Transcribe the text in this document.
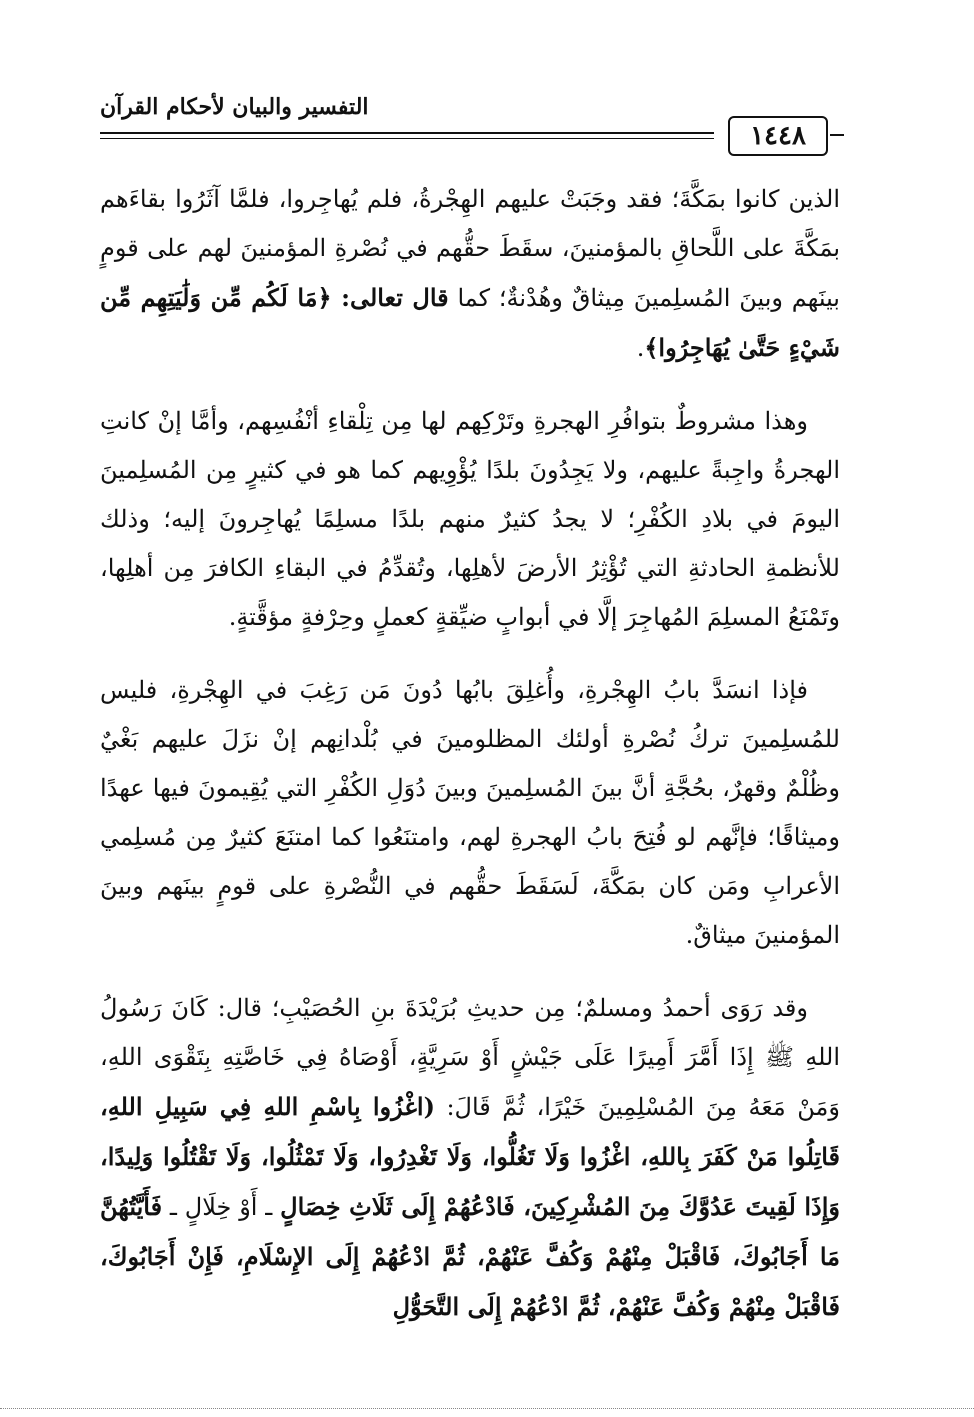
التفسير والبيان لأحكام القرآن
١٤٤٨

الذين كانوا بمَكَّةَ؛ فقد وجَبَتْ عليهم الهِجْرةُ، فلم يُهاجِروا، فلمَّا آثَرُوا بقاءَهم بمَكَّةَ على اللَّحاقِ بالمؤمنينَ، سقَطَ حقُّهم في نُصْرةِ المؤمنينَ لهم على قومٍ بينَهم وبينَ المُسلِمينَ مِيثاقٌ وهُدْنةٌ؛ كما قال تعالى: ﴿مَا لَكُم مِّن وَلَٰيَتِهِم مِّن شَيْءٍ حَتَّىٰ يُهَاجِرُوا﴾.

وهذا مشروطٌ بتوافُرِ الهجرةِ وتَرْكِهم لها مِن تِلْقاءِ أنْفُسِهم، وأمَّا إنْ كانتِ الهجرةُ واجِبةً عليهم، ولا يَجِدُونَ بلدًا يُؤْوِيهم كما هو في كثيرٍ مِن المُسلِمينَ اليومَ في بلادِ الكُفْرِ؛ لا يجدُ كثيرٌ منهم بلدًا مسلِمًا يُهاجِرونَ إليه؛ وذلك للأنظمةِ الحادثةِ التي تُؤْثِرُ الأرضَ لأهلِها، وتُقدِّمُ في البقاءِ الكافرَ مِن أهلِها، وتَمْنَعُ المسلِمَ المُهاجِرَ إلَّا في أبوابٍ ضيِّقةٍ كعملٍ وحِرْفةٍ مؤقَّتةٍ.

فإذا انسَدَّ بابُ الهِجْرةِ، وأُغلِقَ بابُها دُونَ مَن رَغِبَ في الهِجْرةِ، فليس للمُسلِمينَ تركُ نُصْرةِ أولئك المظلومينَ في بُلْدانِهم إنْ نزَلَ عليهم بَغْيٌ وظُلْمٌ وقهرٌ، بحُجَّةِ أنَّ بينَ المُسلِمينَ وبينَ دُوَلِ الكُفْرِ التي يُقِيمونَ فيها عهدًا وميثاقًا؛ فإنَّهم لو فُتِحَ بابُ الهجرةِ لهم، وامتنَعُوا كما امتنَعَ كثيرٌ مِن مُسلِمي الأعرابِ ومَن كان بمَكَّةَ، لَسَقَطَ حقُّهم في النُّصْرةِ على قومٍ بينَهم وبينَ المؤمنينَ ميثاقٌ.

وقد رَوَى أحمدُ ومسلمٌ؛ مِن حديثِ بُرَيْدَةَ بنِ الحُصَيْبِ؛ قال: كَانَ رَسُولُ اللهِ ﷺ إِذَا أَمَّرَ أَمِيرًا عَلَى جَيْشٍ أَوْ سَرِيَّةٍ، أَوْصَاهُ فِي خَاصَّتِهِ بِتَقْوَى اللهِ، وَمَنْ مَعَهُ مِنَ المُسْلِمِينَ خَيْرًا، ثُمَّ قَالَ: (اغْزُوا بِاسْمِ اللهِ فِي سَبِيلِ اللهِ، قَاتِلُوا مَنْ كَفَرَ بِاللهِ، اغْزُوا وَلَا تَغُلُّوا، وَلَا تَغْدِرُوا، وَلَا تَمْثُلُوا، وَلَا تَقْتُلُوا وَلِيدًا، وَإِذَا لَقِيتَ عَدُوَّكَ مِنَ المُشْرِكِينَ، فَادْعُهُمْ إِلَى ثَلَاثِ خِصَالٍ ـ أَوْ خِلَالٍ ـ فَأَيَّتُهُنَّ مَا أَجَابُوكَ، فَاقْبَلْ مِنْهُمْ وَكُفَّ عَنْهُمْ، ثُمَّ ادْعُهُمْ إِلَى الإِسْلَامِ، فَإِنْ أَجَابُوكَ، فَاقْبَلْ مِنْهُمْ وَكُفَّ عَنْهُمْ، ثُمَّ ادْعُهُمْ إِلَى التَّحَوُّلِ
